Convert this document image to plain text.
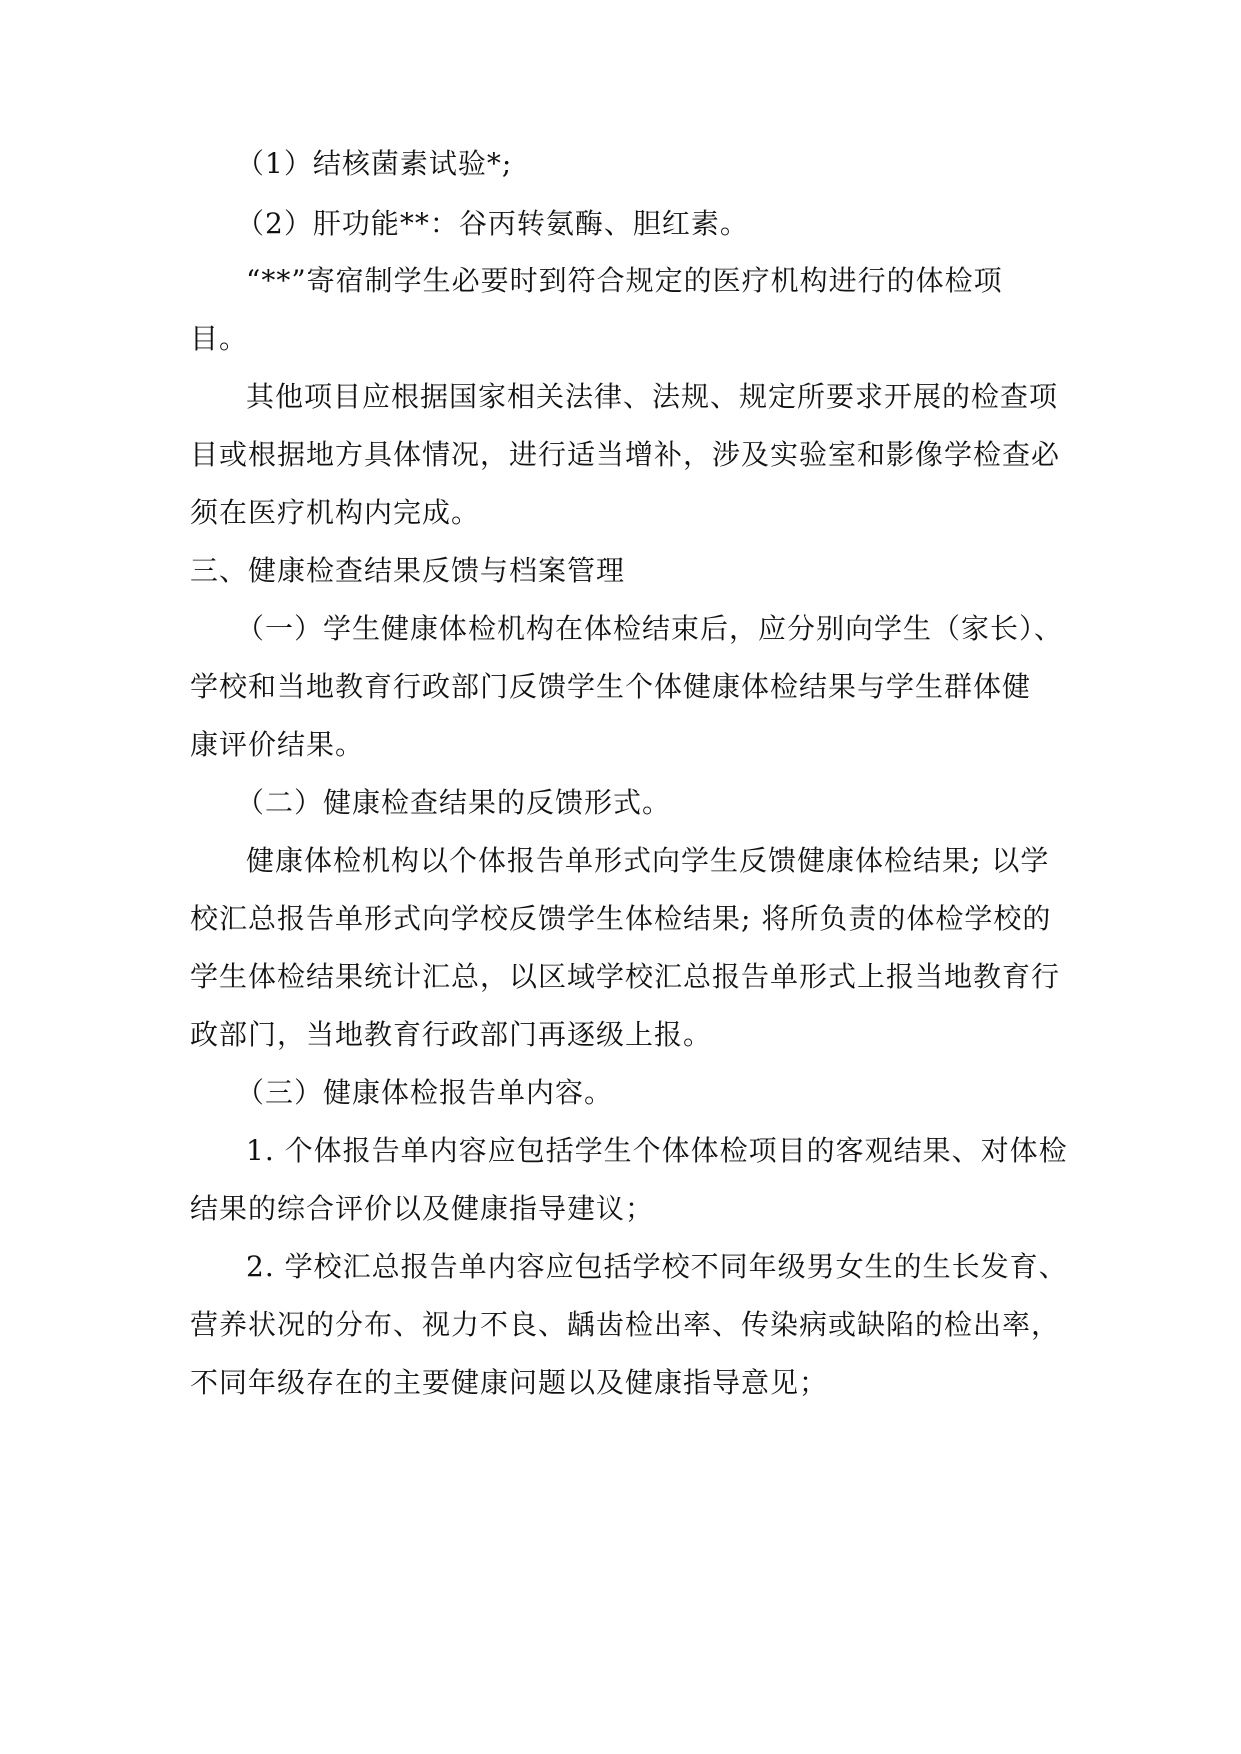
（1）结核菌素试验*;
（2）肝功能**：谷丙转氨酶、胆红素。
“**”寄宿制学生必要时到符合规定的医疗机构进行的体检项
目。
其他项目应根据国家相关法律、法规、规定所要求开展的检查项
目或根据地方具体情况，进行适当增补，涉及实验室和影像学检查必
须在医疗机构内完成。
三、健康检查结果反馈与档案管理
（一）学生健康体检机构在体检结束后，应分别向学生（家长）、
学校和当地教育行政部门反馈学生个体健康体检结果与学生群体健
康评价结果。
（二）健康检查结果的反馈形式。
健康体检机构以个体报告单形式向学生反馈健康体检结果; 以学
校汇总报告单形式向学校反馈学生体检结果; 将所负责的体检学校的
学生体检结果统计汇总，以区域学校汇总报告单形式上报当地教育行
政部门，当地教育行政部门再逐级上报。
（三）健康体检报告单内容。
1. 个体报告单内容应包括学生个体体检项目的客观结果、对体检
结果的综合评价以及健康指导建议；
2. 学校汇总报告单内容应包括学校不同年级男女生的生长发育、
营养状况的分布、视力不良、龋齿检出率、传染病或缺陷的检出率，
不同年级存在的主要健康问题以及健康指导意见；
